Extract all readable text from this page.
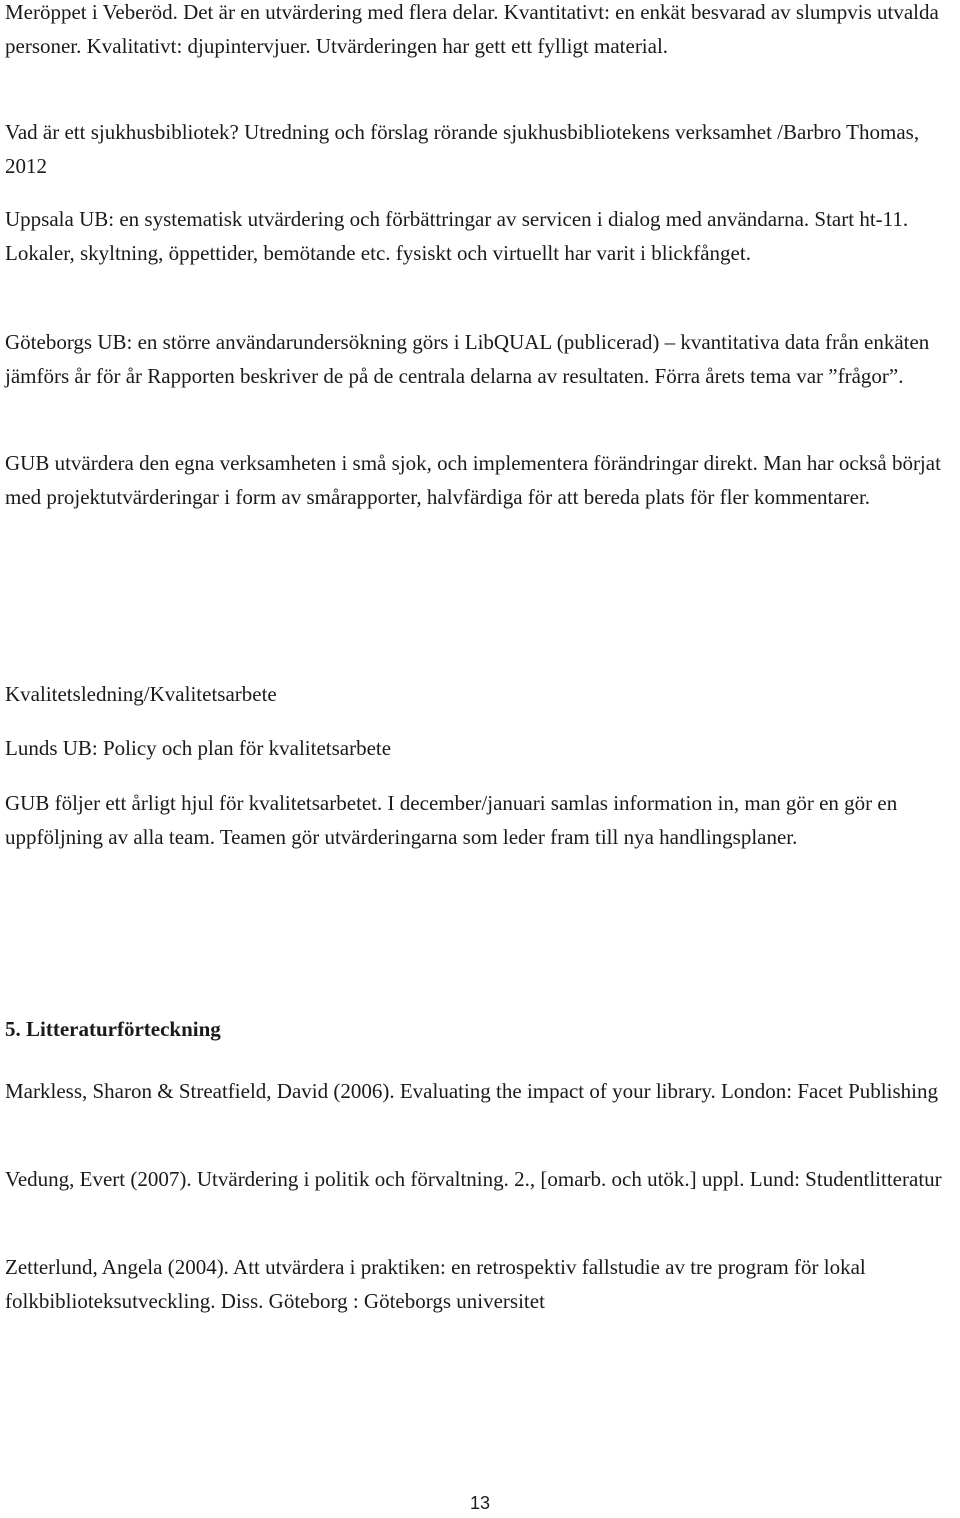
Meröppet i Veberöd. Det är en utvärdering med flera delar. Kvantitativt: en enkät besvarad av slumpvis utvalda personer. Kvalitativt: djupintervjuer. Utvärderingen har gett ett fylligt material.

Vad är ett sjukhusbibliotek? Utredning och förslag rörande sjukhusbibliotekens verksamhet /Barbro Thomas, 2012

Uppsala UB: en systematisk utvärdering och förbättringar av servicen i dialog med användarna. Start ht-11. Lokaler, skyltning, öppettider, bemötande etc. fysiskt och virtuellt har varit i blickfånget.

Göteborgs UB: en större användarundersökning görs i LibQUAL (publicerad) – kvantitativa data från enkäten jämförs år för år Rapporten beskriver de på de centrala delarna av resultaten. Förra årets tema var ”frågor”.

GUB utvärdera den egna verksamheten i små sjok, och implementera förändringar direkt. Man har också börjat med projektutvärderingar i form av smårapporter, halvfärdiga för att bereda plats för fler kommentarer.

Kvalitetsledning/Kvalitetsarbete

Lunds UB: Policy och plan för kvalitetsarbete

GUB följer ett årligt hjul för kvalitetsarbetet. I december/januari samlas information in, man gör en gör en uppföljning av alla team. Teamen gör utvärderingarna som leder fram till nya handlingsplaner.

5. Litteraturförteckning

Markless, Sharon & Streatfield, David (2006). Evaluating the impact of your library. London: Facet Publishing

Vedung, Evert (2007). Utvärdering i politik och förvaltning. 2., [omarb. och utök.] uppl. Lund: Studentlitteratur

Zetterlund, Angela (2004). Att utvärdera i praktiken: en retrospektiv fallstudie av tre program för lokal folkbiblioteksutveckling. Diss. Göteborg : Göteborgs universitet

13
